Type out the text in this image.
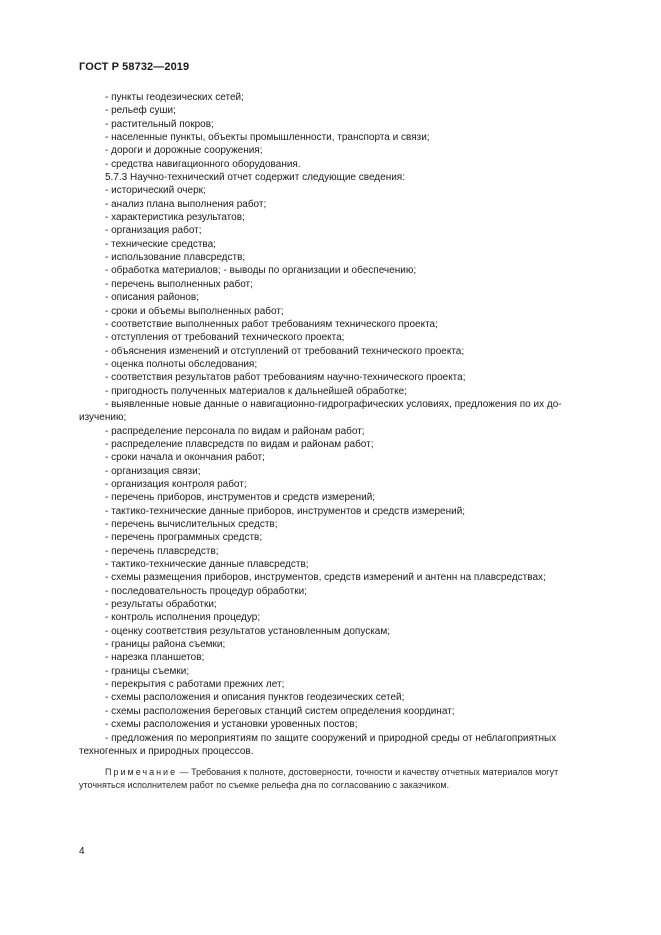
ГОСТ Р 58732—2019
- пункты геодезических сетей;
- рельеф суши;
- растительный покров;
- населенные пункты, объекты промышленности, транспорта и связи;
- дороги и дорожные сооружения;
- средства навигационного оборудования.
5.7.3 Научно-технический отчет содержит следующие сведения:
- исторический очерк;
- анализ плана выполнения работ;
- характеристика результатов;
- организация работ;
- технические средства;
- использование плавсредств;
- обработка материалов; - выводы по организации и обеспечению;
- перечень выполненных работ;
- описания районов;
- сроки и объемы выполненных работ;
- соответствие выполненных работ требованиям технического проекта;
- отступления от требований технического проекта;
- объяснения изменений и отступлений от требований технического проекта;
- оценка полноты обследования;
- соответствия результатов работ требованиям научно-технического проекта;
- пригодность полученных материалов к дальнейшей обработке;
- выявленные новые данные о навигационно-гидрографических условиях, предложения по их до-
изучению;
- распределение персонала по видам и районам работ;
- распределение плавсредств по видам и районам работ;
- сроки начала и окончания работ;
- организация связи;
- организация контроля работ;
- перечень приборов, инструментов и средств измерений;
- тактико-технические данные приборов, инструментов и средств измерений;
- перечень вычислительных средств;
- перечень программных средств;
- перечень плавсредств;
- тактико-технические данные плавсредств;
- схемы размещения приборов, инструментов, средств измерений и антенн на плавсредствах;
- последовательность процедур обработки;
- результаты обработки;
- контроль исполнения процедур;
- оценку соответствия результатов установленным допускам;
- границы района съемки;
- нарезка планшетов;
- границы съемки;
- перекрытия с работами прежних лет;
- схемы расположения и описания пунктов геодезических сетей;
- схемы расположения береговых станций систем определения координат;
- схемы расположения и установки уровенных постов;
- предложения по мероприятиям по защите сооружений и природной среды от неблагоприятных
техногенных и природных процессов.
Примечание — Требования к полноте, достоверности, точности и качеству отчетных материалов могут
уточняться исполнителем работ по съемке рельефа дна по согласованию с заказчиком.
4
